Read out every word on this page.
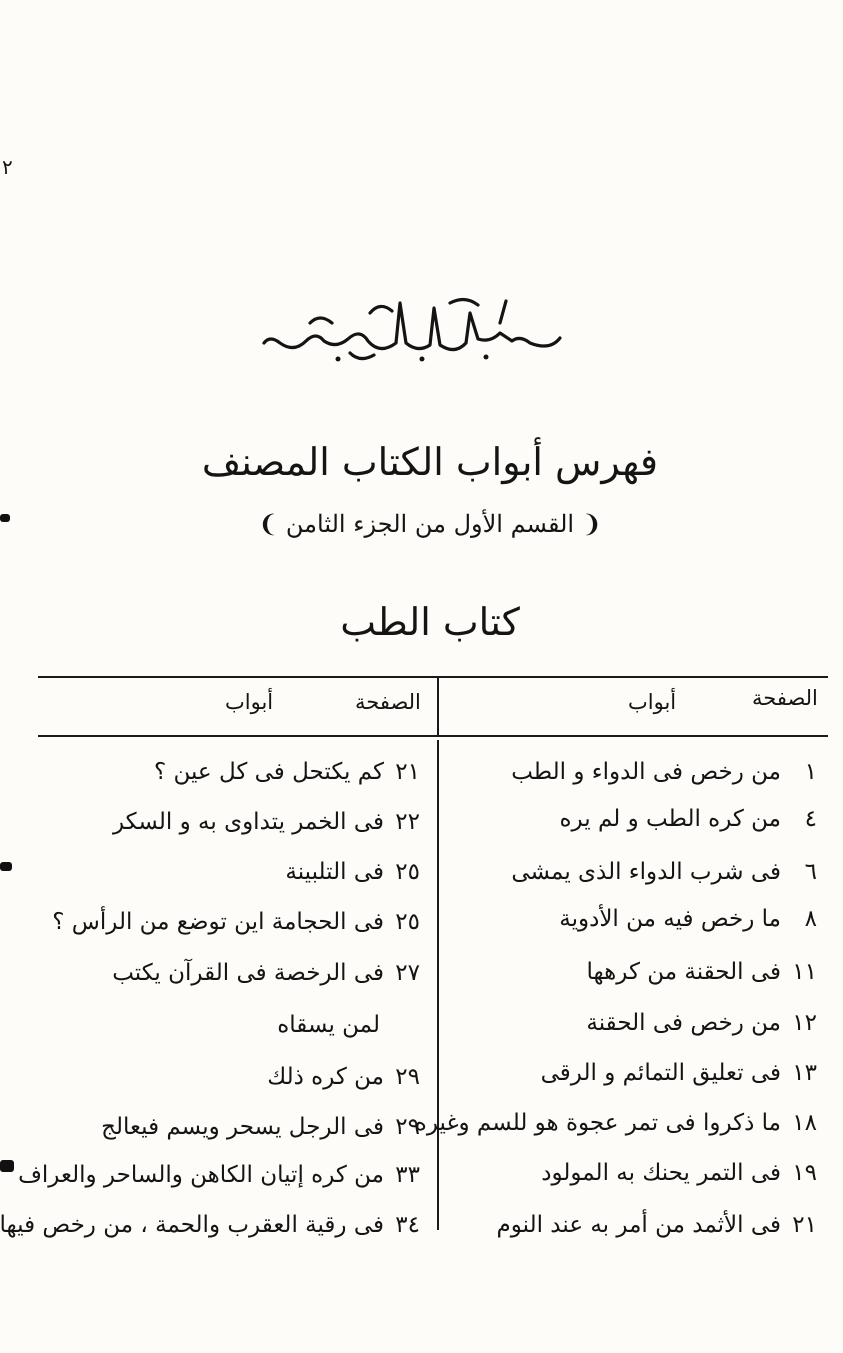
٢
فهرس أبواب الكتاب المصنف
❨ القسم الأول من الجزء الثامن ❩
كتاب الطب
الصفحة
أبواب
الصفحة
أبواب
١من رخص فى الدواء و الطب
٤من كره الطب و لم يره
٦فى شرب الدواء الذى يمشى
٨ما رخص فيه من الأدوية
١١فى الحقنة من كرهها
١٢من رخص فى الحقنة
١٣فى تعليق التمائم و الرقى
١٨ما ذكروا فى تمر عجوة هو للسم وغيره
١٩فى التمر يحنك به المولود
٢١فى الأثمد من أمر به عند النوم
٢١كم يكتحل فى كل عين ؟
٢٢فى الخمر يتداوى به و السكر
٢٥فى التلبينة
٢٥فى الحجامة اين توضع من الرأس ؟
٢٧فى الرخصة فى القرآن يكتب
لمن يسقاه
٢٩من كره ذلك
٢٩فى الرجل يسحر ويسم فيعالج
٣٣من كره إتيان الكاهن والساحر والعراف
٣٤فى رقية العقرب والحمة ، من رخص فيها
